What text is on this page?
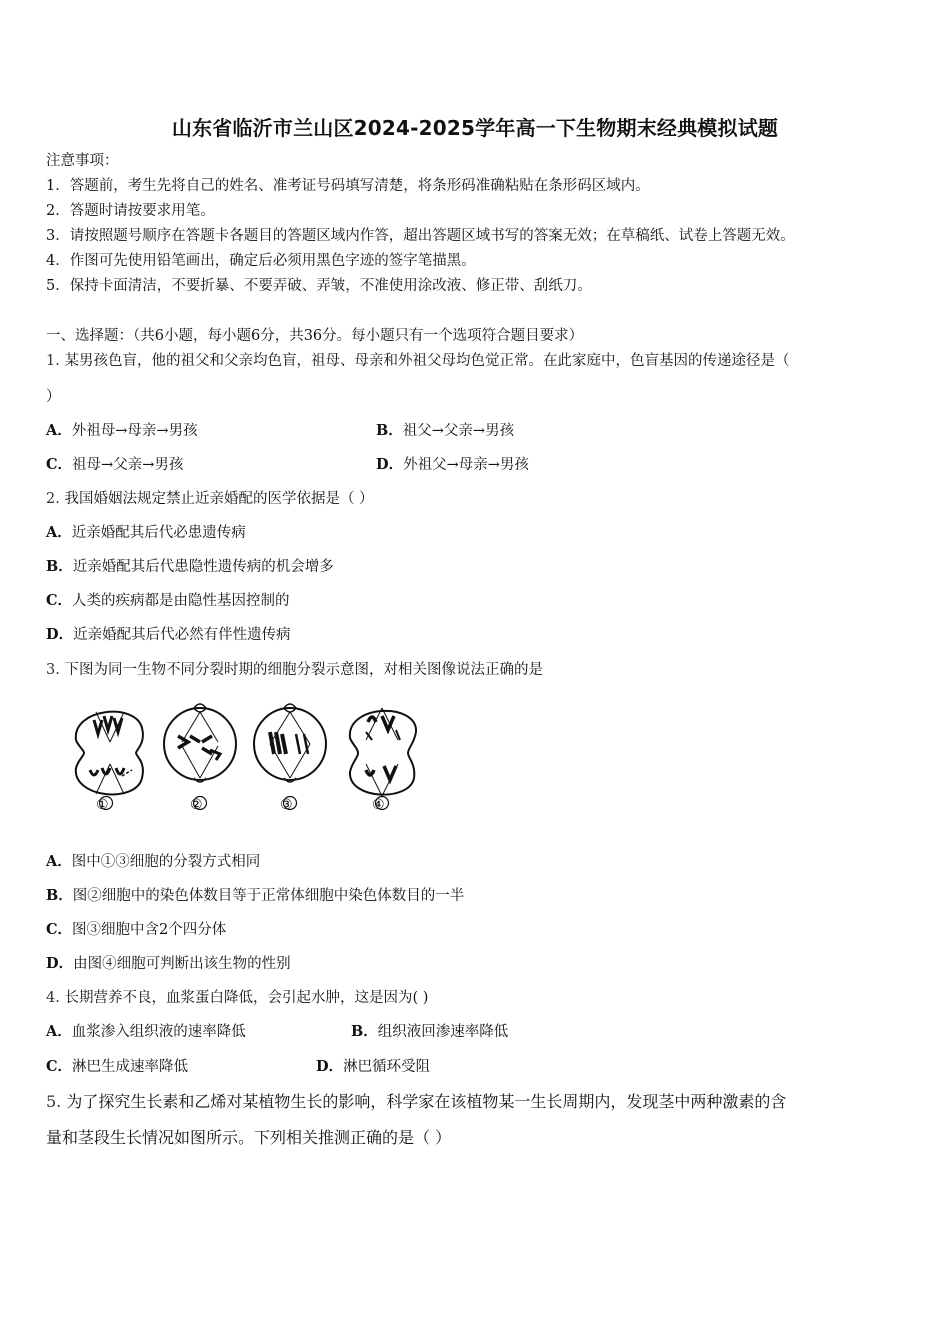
山东省临沂市兰山区2024-2025学年高一下生物期末经典模拟试题
注意事项：
1．答题前，考生先将自己的姓名、准考证号码填写清楚，将条形码准确粘贴在条形码区域内。
2．答题时请按要求用笔。
3．请按照题号顺序在答题卡各题目的答题区域内作答，超出答题区域书写的答案无效；在草稿纸、试卷上答题无效。
4．作图可先使用铅笔画出，确定后必须用黑色字迹的签字笔描黑。
5．保持卡面清洁，不要折暴、不要弄破、弄皱，不准使用涂改液、修正带、刮纸刀。
一、选择题：（共6小题，每小题6分，共36分。每小题只有一个选项符合题目要求）
1. 某男孩色盲，他的祖父和父亲均色盲，祖母、母亲和外祖父母均色觉正常。在此家庭中，色盲基因的传递途径是（
）
A．外祖母→母亲→男孩	B．祖父→父亲→男孩
C．祖母→父亲→男孩	D．外祖父→母亲→男孩
2. 我国婚姻法规定禁止近亲婚配的医学依据是（ ）
A．近亲婚配其后代必患遗传病
B．近亲婚配其后代患隐性遗传病的机会增多
C．人类的疾病都是由隐性基因控制的
D．近亲婚配其后代必然有伴性遗传病
3. 下图为同一生物不同分裂时期的细胞分裂示意图，对相关图像说法正确的是
①	②	③	④
A．图中①③细胞的分裂方式相同
B．图②细胞中的染色体数目等于正常体细胞中染色体数目的一半
C．图③细胞中含2个四分体
D．由图④细胞可判断出该生物的性别
4. 长期营养不良，血浆蛋白降低，会引起水肿，这是因为( )
A．血浆渗入组织液的速率降低	B．组织液回渗速率降低
C．淋巴生成速率降低	D．淋巴循环受阻
5. 为了探究生长素和乙烯对某植物生长的影响，科学家在该植物某一生长周期内，发现茎中两种激素的含
量和茎段生长情况如图所示。下列相关推测正确的是（ ）
